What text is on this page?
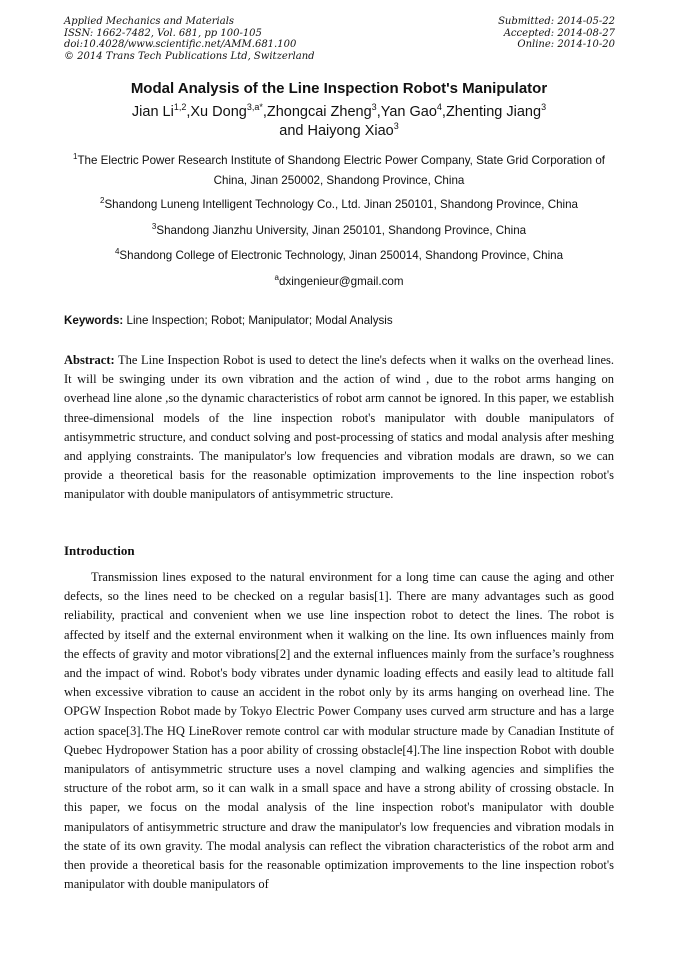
Applied Mechanics and Materials
ISSN: 1662-7482, Vol. 681, pp 100-105
doi:10.4028/www.scientific.net/AMM.681.100
© 2014 Trans Tech Publications Ltd, Switzerland
Submitted: 2014-05-22
Accepted: 2014-08-27
Online: 2014-10-20
Modal Analysis of the Line Inspection Robot's Manipulator
Jian Li$^{1,2}$,Xu Dong$^{3,a*}$,Zhongcai Zheng$^3$,Yan Gao$^4$,Zhenting Jiang$^3$
and Haiyong Xiao$^3$
$^1$The Electric Power Research Institute of Shandong Electric Power Company, State Grid Corporation of China, Jinan 250002, Shandong Province, China
$^2$Shandong Luneng Intelligent Technology Co., Ltd. Jinan 250101, Shandong Province, China
$^3$Shandong Jianzhu University, Jinan 250101, Shandong Province, China
$^4$Shandong College of Electronic Technology, Jinan 250014, Shandong Province, China
$^a$dxingenieur@gmail.com
Keywords: Line Inspection; Robot; Manipulator; Modal Analysis

Abstract: The Line Inspection Robot is used to detect the line's defects when it walks on the overhead lines. It will be swinging under its own vibration and the action of wind , due to the robot arms hanging on overhead line alone ,so the dynamic characteristics of robot arm cannot be ignored. In this paper, we establish three-dimensional models of the line inspection robot's manipulator with double manipulators of antisymmetric structure, and conduct solving and post-processing of statics and modal analysis after meshing and applying constraints. The manipulator's low frequencies and vibration modals are drawn, so we can provide a theoretical basis for the reasonable optimization improvements to the line inspection robot's manipulator with double manipulators of antisymmetric structure.

Introduction

Transmission lines exposed to the natural environment for a long time can cause the aging and other defects, so the lines need to be checked on a regular basis[1]. There are many advantages such as good reliability, practical and convenient when we use line inspection robot to detect the lines. The robot is affected by itself and the external environment when it walking on the line. Its own influences mainly from the effects of gravity and motor vibrations[2] and the external influences mainly from the surface’s roughness and the impact of wind. Robot's body vibrates under dynamic loading effects and easily lead to altitude fall when excessive vibration to cause an accident in the robot only by its arms hanging on overhead line. The OPGW Inspection Robot made by Tokyo Electric Power Company uses curved arm structure and has a large action space[3].The HQ LineRover remote control car with modular structure made by Canadian Institute of Quebec Hydropower Station has a poor ability of crossing obstacle[4].The line inspection Robot with double manipulators of antisymmetric structure uses a novel clamping and walking agencies and simplifies the structure of the robot arm, so it can walk in a small space and have a strong ability of crossing obstacle. In this paper, we focus on the modal analysis of the line inspection robot's manipulator with double manipulators of antisymmetric structure and draw the manipulator's low frequencies and vibration modals in the state of its own gravity. The modal analysis can reflect the vibration characteristics of the robot arm and then provide a theoretical basis for the reasonable optimization improvements to the line inspection robot's manipulator with double manipulators of
